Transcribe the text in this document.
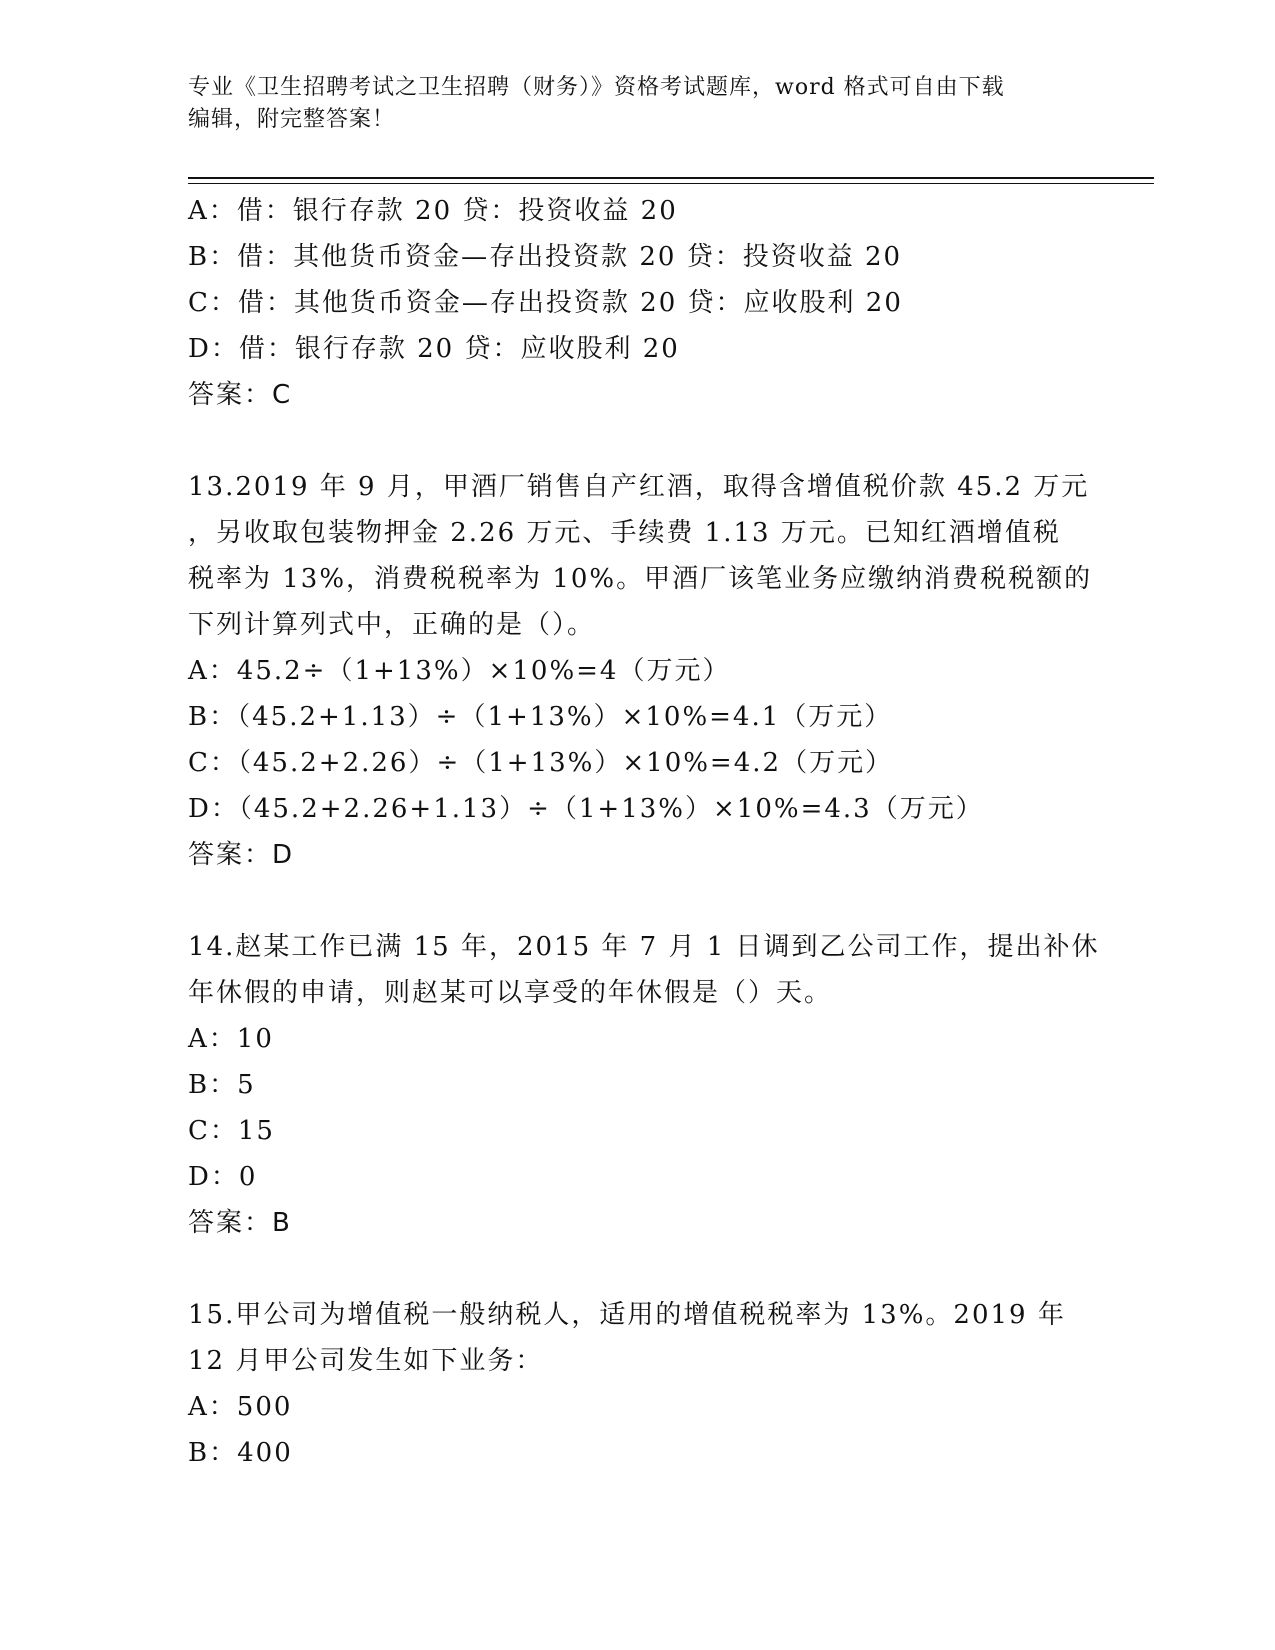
专业《卫生招聘考试之卫生招聘（财务）》资格考试题库，word 格式可自由下载
编辑，附完整答案！
A：借：银行存款 20 贷：投资收益 20
B：借：其他货币资金—存出投资款 20 贷：投资收益 20
C：借：其他货币资金—存出投资款 20 贷：应收股利 20
D：借：银行存款 20 贷：应收股利 20
答案：C
13.2019 年 9 月，甲酒厂销售自产红酒，取得含增值税价款 45.2 万元
，另收取包装物押金 2.26 万元、手续费 1.13 万元。已知红酒增值税
税率为 13%，消费税税率为 10%。甲酒厂该笔业务应缴纳消费税税额的
下列计算列式中，正确的是（）。
A：45.2÷（1+13%）×10%=4（万元）
B：（45.2+1.13）÷（1+13%）×10%=4.1（万元）
C：（45.2+2.26）÷（1+13%）×10%=4.2（万元）
D：（45.2+2.26+1.13）÷（1+13%）×10%=4.3（万元）
答案：D
14.赵某工作已满 15 年，2015 年 7 月 1 日调到乙公司工作，提出补休
年休假的申请，则赵某可以享受的年休假是（）天。
A：10
B：5
C：15
D：0
答案：B
15.甲公司为增值税一般纳税人，适用的增值税税率为 13%。2019 年
12 月甲公司发生如下业务：
A：500
B：400
